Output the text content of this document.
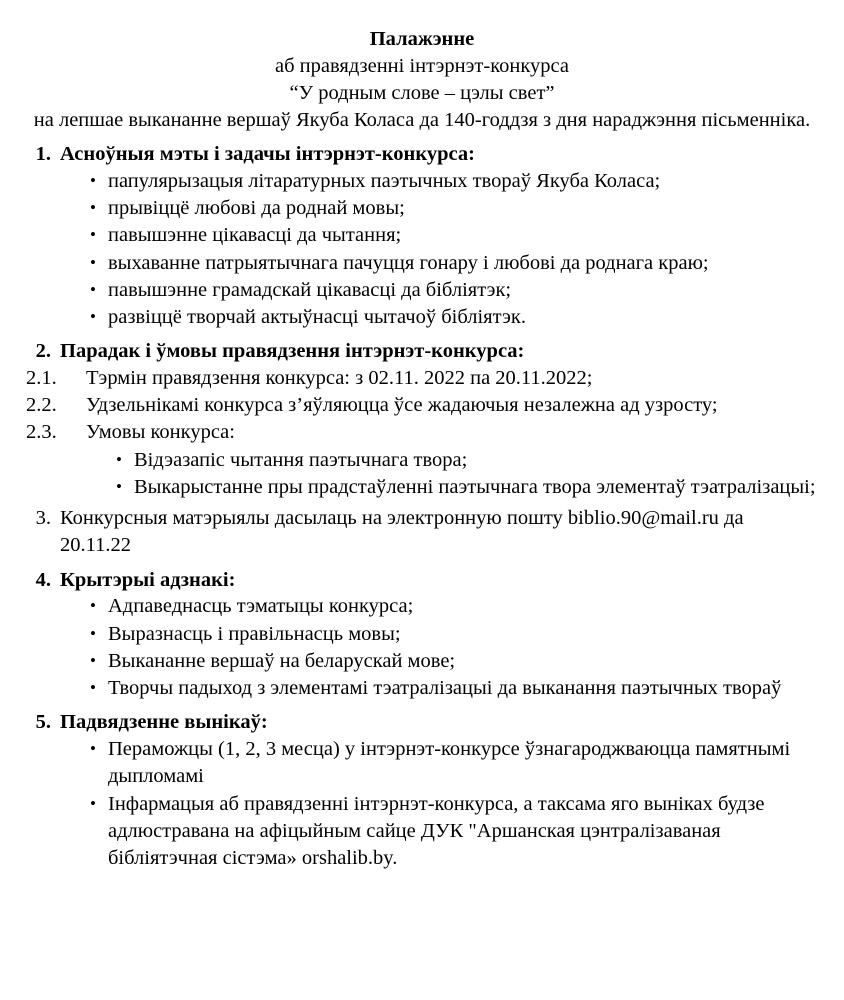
Палажэнне
аб правядзенні інтэрнэт-конкурса
“У родным слове – цэлы свет”
на лепшае выкананне вершаў Якуба Коласа да 140-годдзя з дня нараджэння пісьменніка.
1. Асноўныя мэты і задачы інтэрнэт-конкурса:
• папулярызацыя літаратурных паэтычных твораў Якуба Коласа;
• прывіццё любові да роднай мовы;
• павышэнне цікавасці да чытання;
• выхаванне патрыятычнага пачуцця гонару і любові да роднага краю;
• павышэнне грамадскай цікавасці да бібліятэк;
• развіццё творчай актыўнасці чытачоў бібліятэк.
2. Парадак і ўмовы правядзення інтэрнэт-конкурса:
2.1.	Тэрмін правядзення конкурса: з 02.11. 2022 па 20.11.2022;
2.2.	Удзельнікамі конкурса з’яўляюцца ўсе жадаючыя незалежна ад узросту;
2.3.	Умовы конкурса:
• Відэазапіс чытання паэтычнага твора;
• Выкарыстанне пры прадстаўленні паэтычнага твора элементаў тэатралізацыі;
3. Конкурсныя матэрыялы дасылаць на электронную пошту biblio.90@mail.ru да 20.11.22
4. Крытэрыі адзнакі:
• Адпаведнасць тэматыцы конкурса;
• Выразнасць і правільнасць мовы;
• Выкананне вершаў на беларускай мове;
• Творчы падыход з элементамі тэатралізацыі да выканання паэтычных твораў
5. Падвядзенне вынікаў:
• Пераможцы (1, 2, 3 месца) у інтэрнэт-конкурсе ўзнагароджваюцца памятнымі дыпломамі
• Інфармацыя аб правядзенні інтэрнэт-конкурса, а таксама яго выніках будзе адлюстравана на афіцыйным сайце ДУК "Аршанская цэнтралізаваная бібліятэчная сістэма» orshalib.by.
